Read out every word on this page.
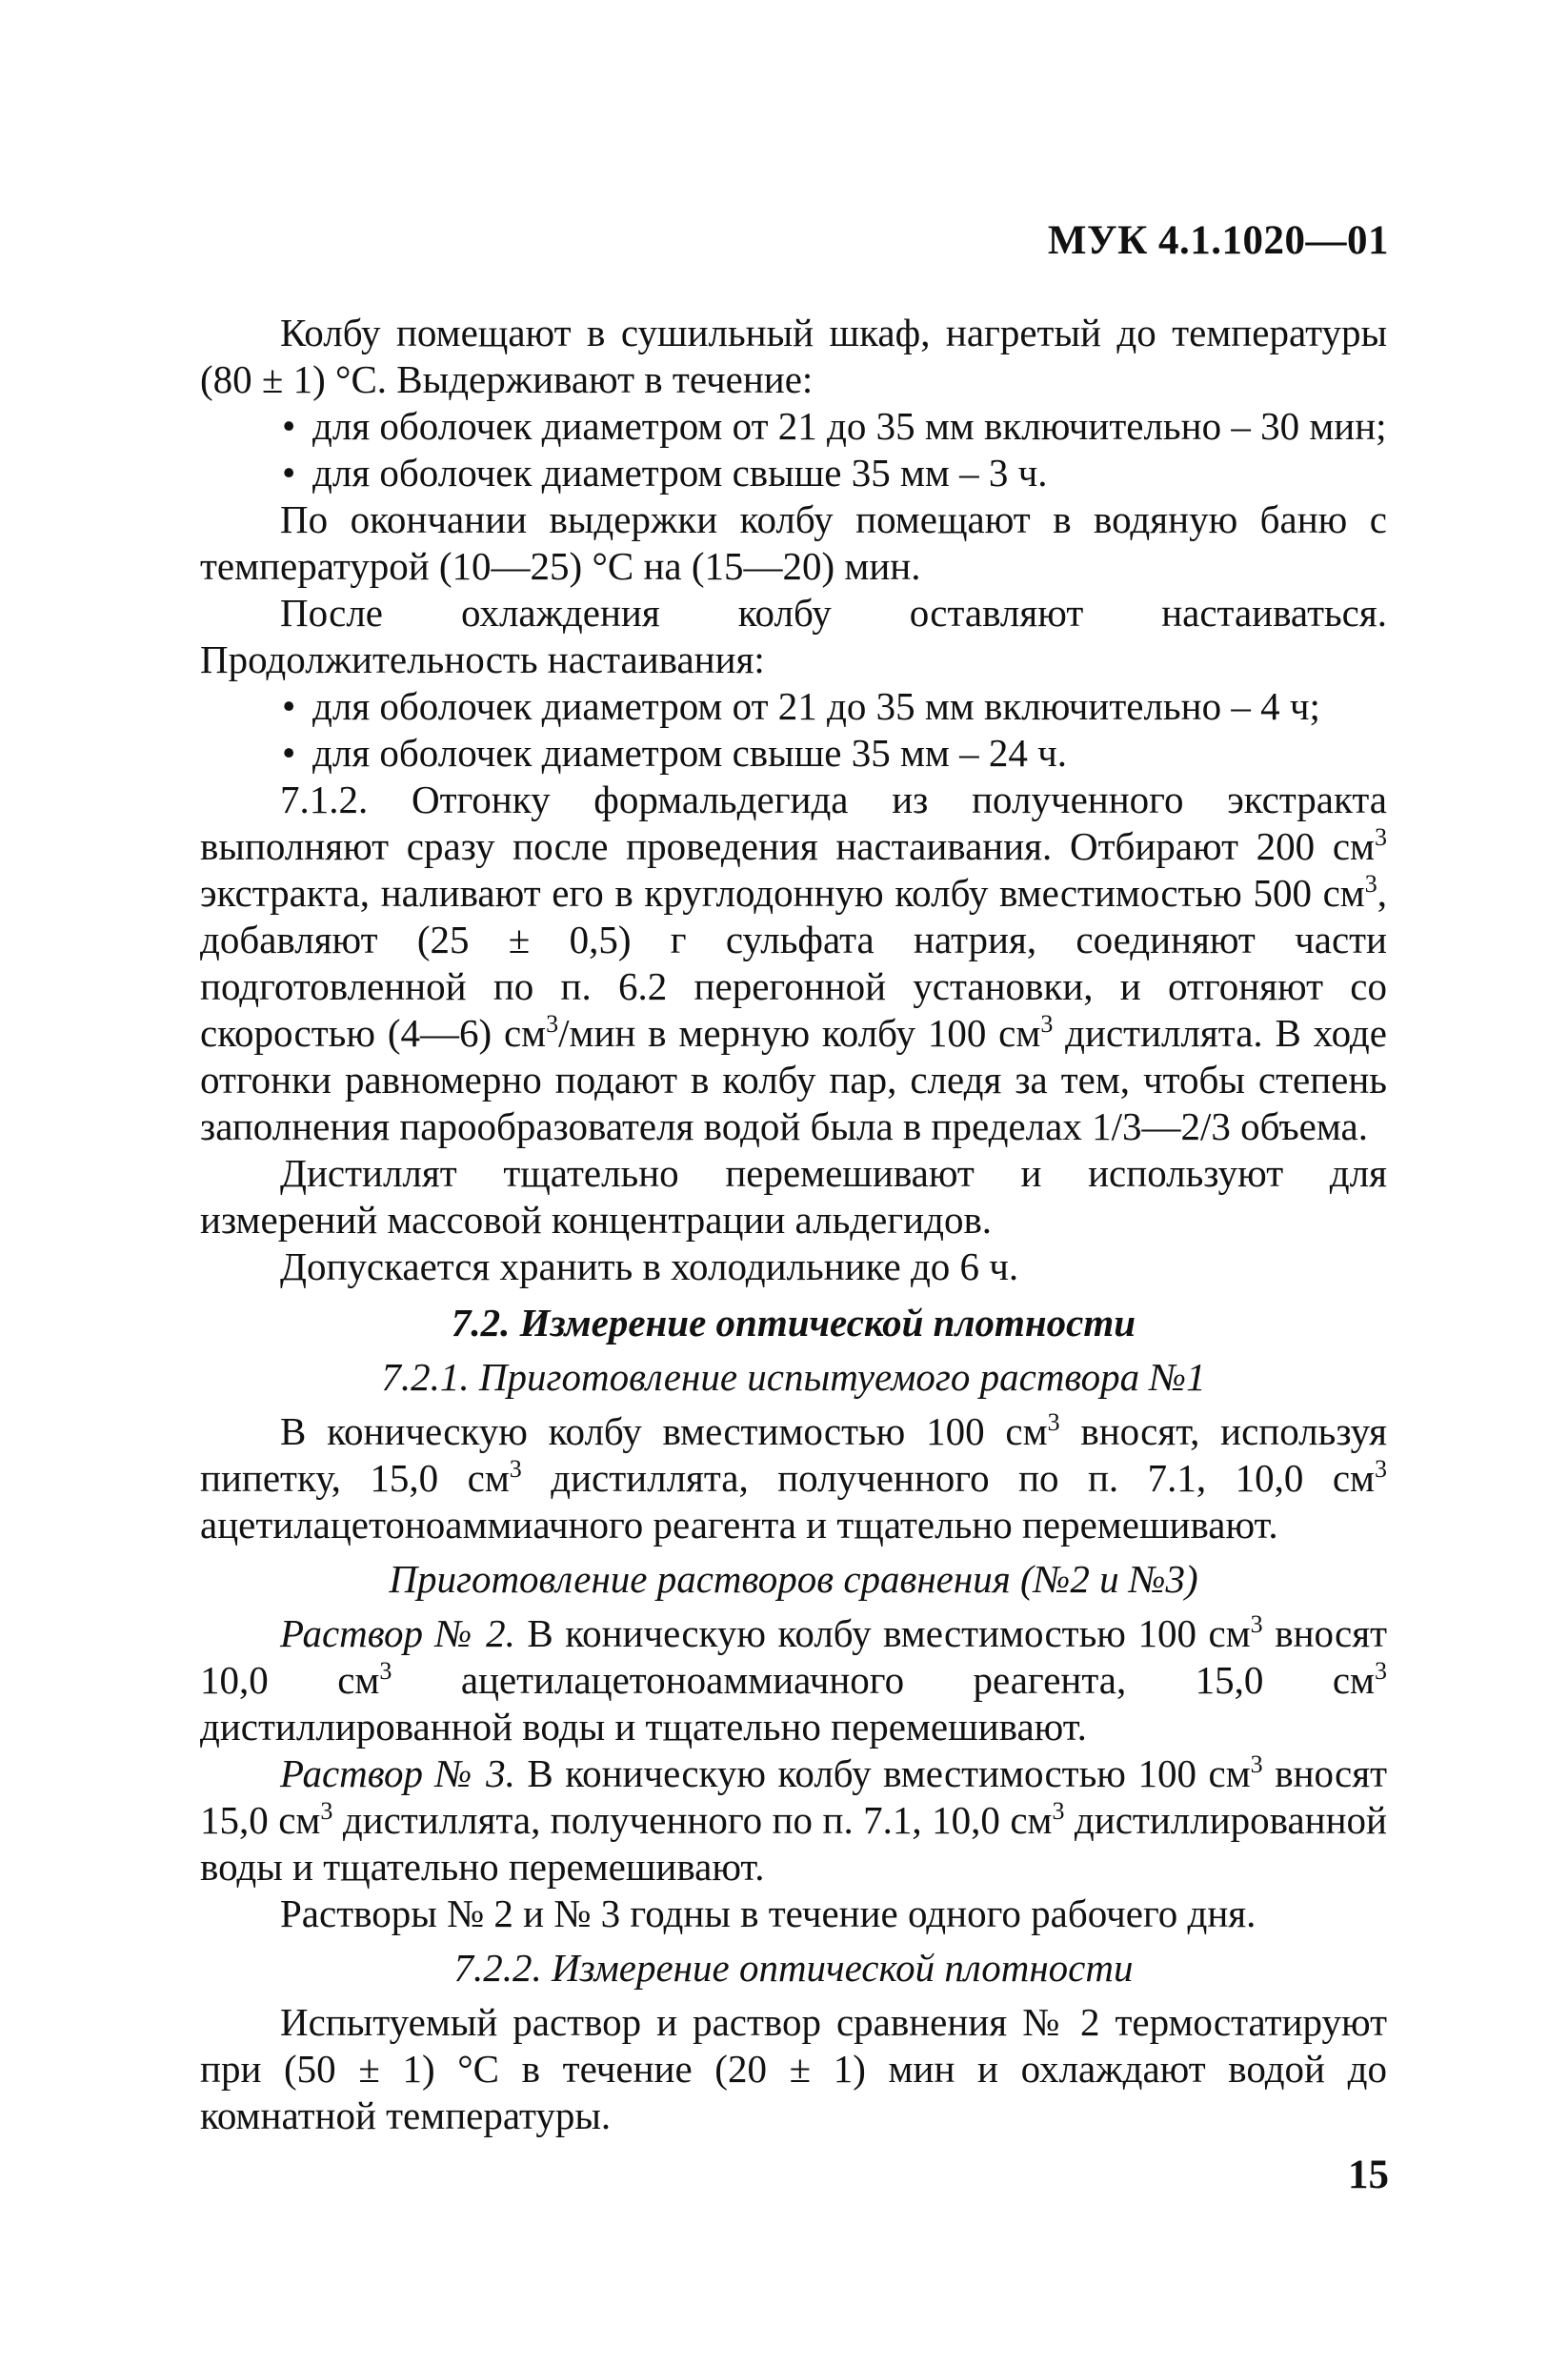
МУК 4.1.1020—01

Колбу помещают в сушильный шкаф, нагретый до температуры (80 ± 1) °С. Выдерживают в течение:

• для оболочек диаметром от 21 до 35 мм включительно – 30 мин;
• для оболочек диаметром свыше 35 мм – 3 ч.

По окончании выдержки колбу помещают в водяную баню с температурой (10—25) °С на (15—20) мин.

После охлаждения колбу оставляют настаиваться. Продолжительность настаивания:

• для оболочек диаметром от 21 до 35 мм включительно – 4 ч;
• для оболочек диаметром свыше 35 мм – 24 ч.

7.1.2. Отгонку формальдегида из полученного экстракта выполняют сразу после проведения настаивания. Отбирают 200 $см^3$ экстракта, наливают его в круглодонную колбу вместимостью 500 $см^3$, добавляют (25 ± 0,5) г сульфата натрия, соединяют части подготовленной по п. 6.2 перегонной установки, и отгоняют со скоростью (4—6) $см^3$/мин в мерную колбу 100 $см^3$ дистиллята. В ходе отгонки равномерно подают в колбу пар, следя за тем, чтобы степень заполнения парообразователя водой была в пределах 1/3—2/3 объема.

Дистиллят тщательно перемешивают и используют для измерений массовой концентрации альдегидов.

Допускается хранить в холодильнике до 6 ч.

7.2. Измерение оптической плотности
7.2.1. Приготовление испытуемого раствора №1

В коническую колбу вместимостью 100 $см^3$ вносят, используя пипетку, 15,0 $см^3$ дистиллята, полученного по п. 7.1, 10,0 $см^3$ ацетилацетоноаммиачного реагента и тщательно перемешивают.

Приготовление растворов сравнения (№2 и №3)

Раствор № 2. В коническую колбу вместимостью 100 $см^3$ вносят 10,0 $см^3$ ацетилацетоноаммиачного реагента, 15,0 $см^3$ дистиллированной воды и тщательно перемешивают.

Раствор № 3. В коническую колбу вместимостью 100 $см^3$ вносят 15,0 $см^3$ дистиллята, полученного по п. 7.1, 10,0 $см^3$ дистиллированной воды и тщательно перемешивают.

Растворы № 2 и № 3 годны в течение одного рабочего дня.

7.2.2. Измерение оптической плотности

Испытуемый раствор и раствор сравнения № 2 термостатируют при (50 ± 1) °С в течение (20 ± 1) мин и охлаждают водой до комнатной температуры.

15
